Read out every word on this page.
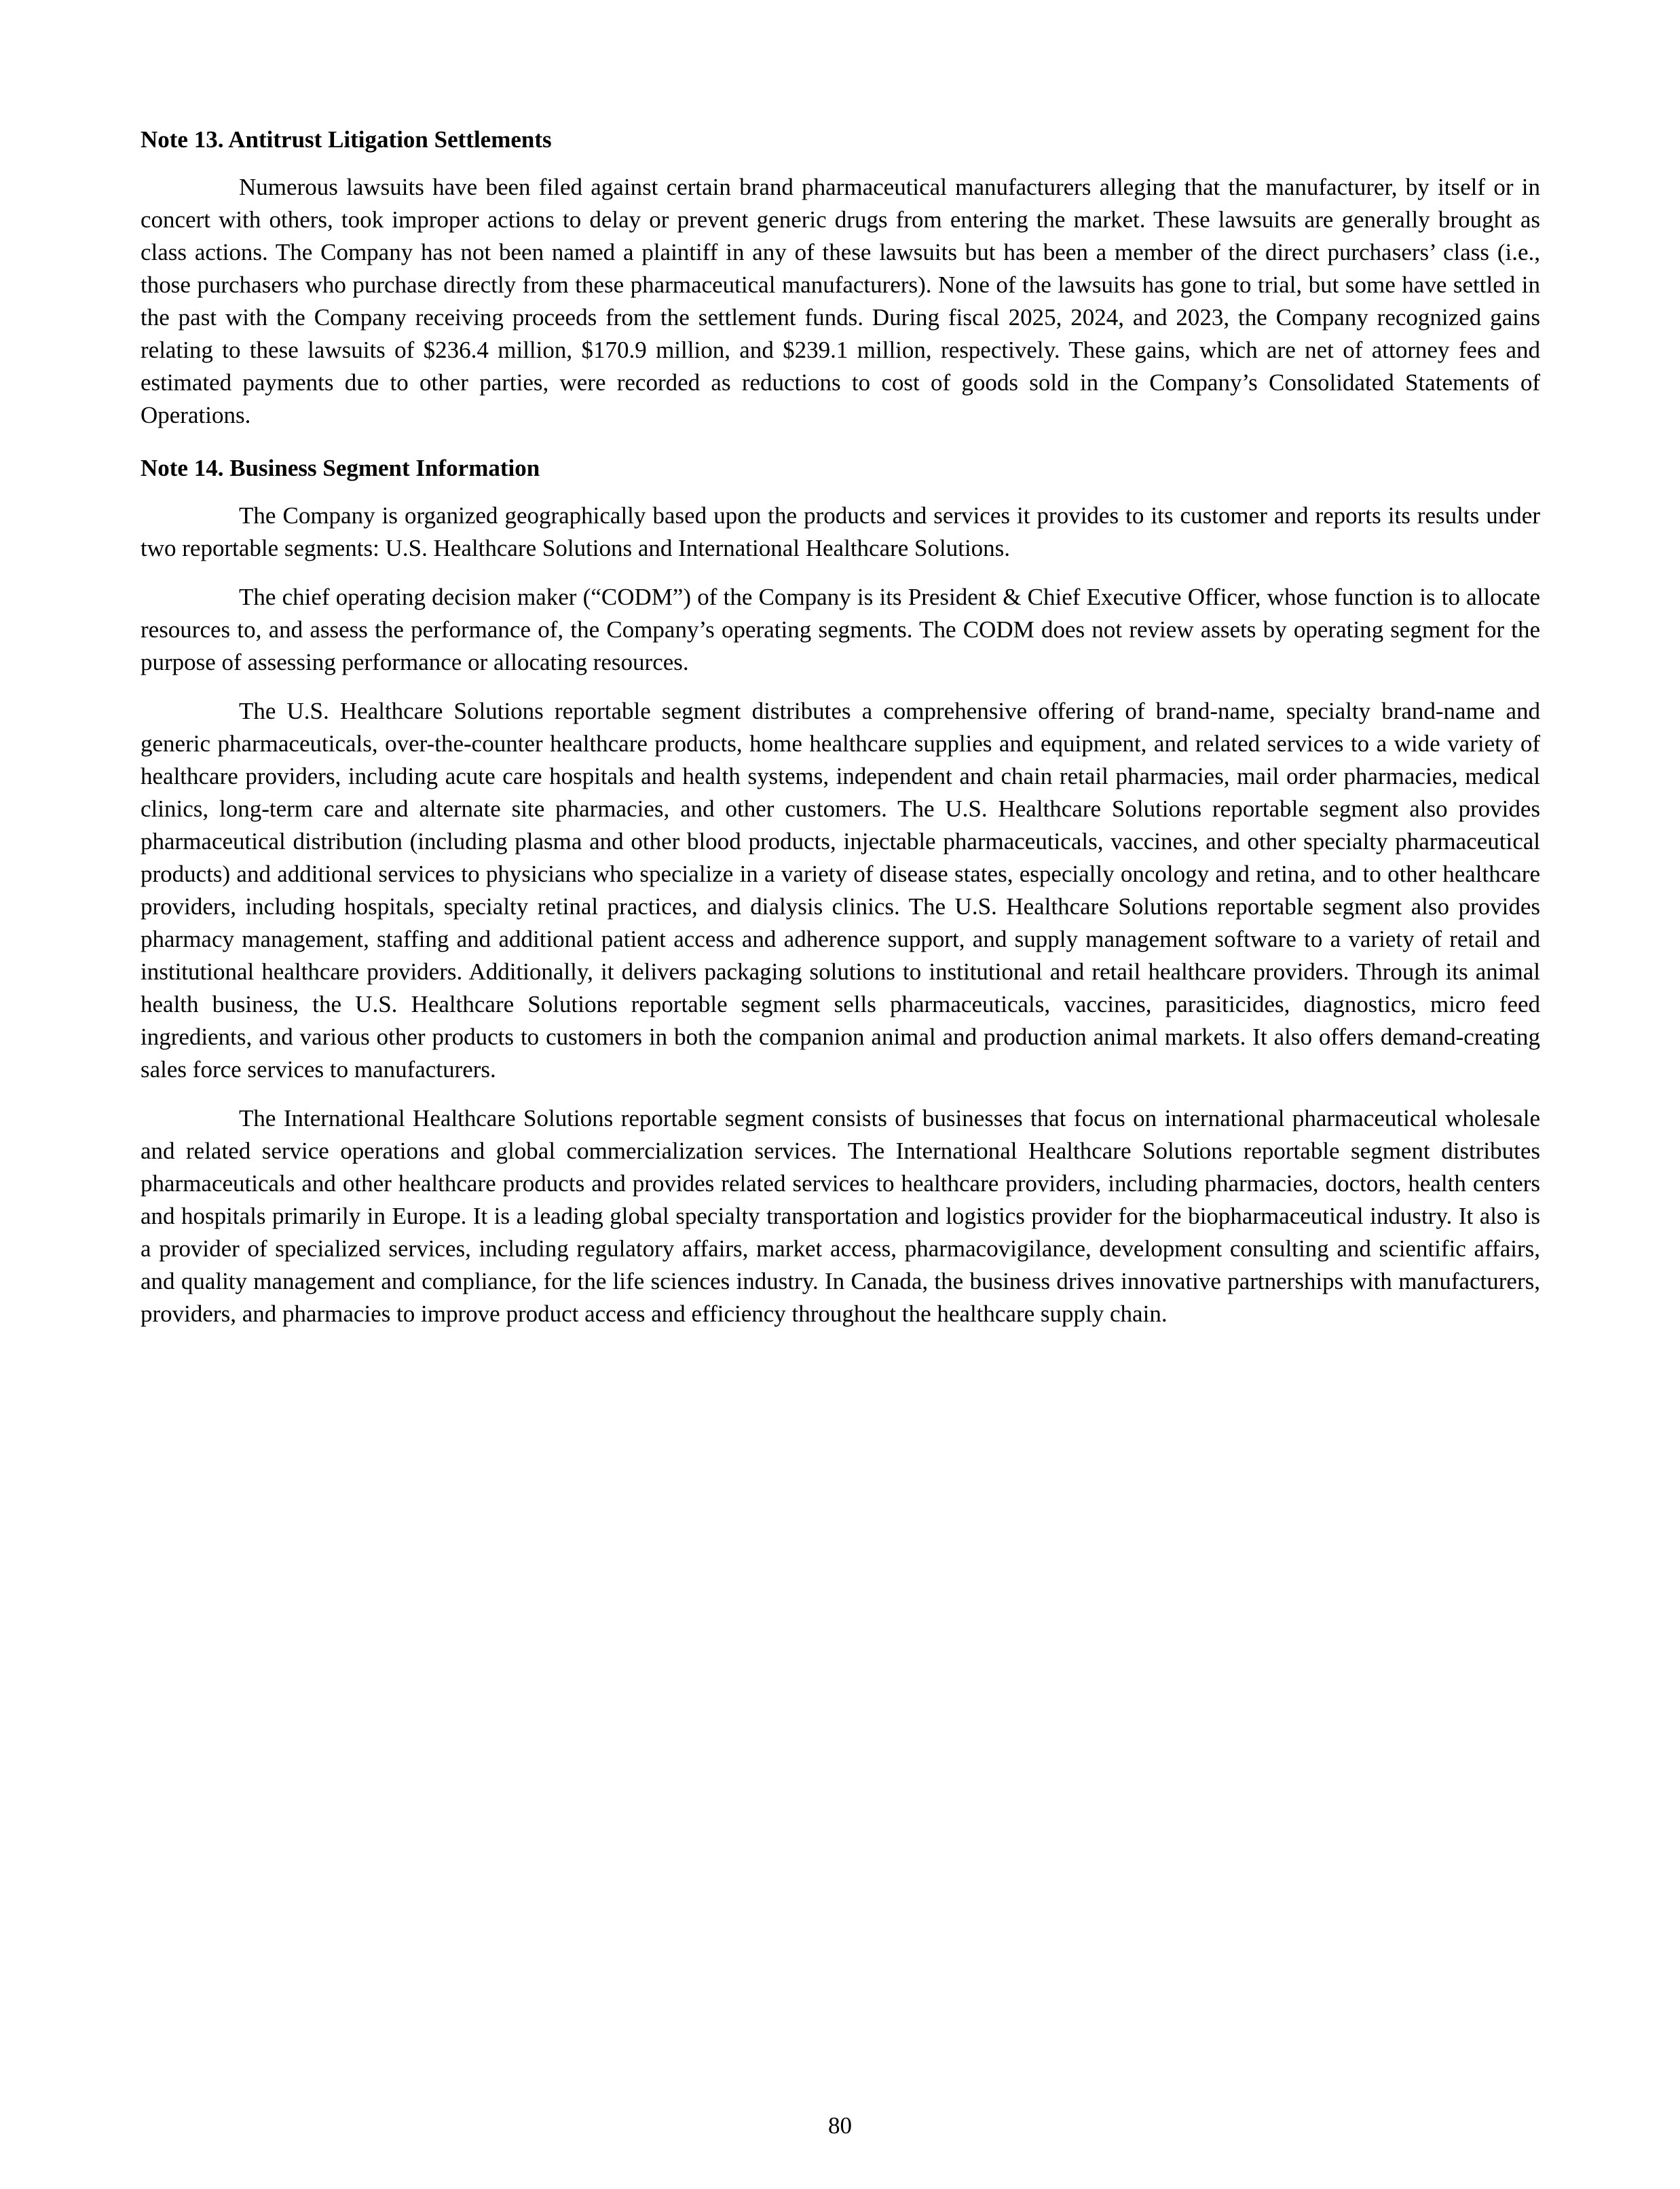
Note 13. Antitrust Litigation Settlements

Numerous lawsuits have been filed against certain brand pharmaceutical manufacturers alleging that the manufacturer, by itself or in concert with others, took improper actions to delay or prevent generic drugs from entering the market. These lawsuits are generally brought as class actions. The Company has not been named a plaintiff in any of these lawsuits but has been a member of the direct purchasers’ class (i.e., those purchasers who purchase directly from these pharmaceutical manufacturers). None of the lawsuits has gone to trial, but some have settled in the past with the Company receiving proceeds from the settlement funds. During fiscal 2025, 2024, and 2023, the Company recognized gains relating to these lawsuits of $236.4 million, $170.9 million, and $239.1 million, respectively. These gains, which are net of attorney fees and estimated payments due to other parties, were recorded as reductions to cost of goods sold in the Company’s Consolidated Statements of Operations.

Note 14. Business Segment Information

The Company is organized geographically based upon the products and services it provides to its customer and reports its results under two reportable segments: U.S. Healthcare Solutions and International Healthcare Solutions.

The chief operating decision maker (“CODM”) of the Company is its President & Chief Executive Officer, whose function is to allocate resources to, and assess the performance of, the Company’s operating segments. The CODM does not review assets by operating segment for the purpose of assessing performance or allocating resources.

The U.S. Healthcare Solutions reportable segment distributes a comprehensive offering of brand-name, specialty brand-name and generic pharmaceuticals, over-the-counter healthcare products, home healthcare supplies and equipment, and related services to a wide variety of healthcare providers, including acute care hospitals and health systems, independent and chain retail pharmacies, mail order pharmacies, medical clinics, long-term care and alternate site pharmacies, and other customers. The U.S. Healthcare Solutions reportable segment also provides pharmaceutical distribution (including plasma and other blood products, injectable pharmaceuticals, vaccines, and other specialty pharmaceutical products) and additional services to physicians who specialize in a variety of disease states, especially oncology and retina, and to other healthcare providers, including hospitals, specialty retinal practices, and dialysis clinics. The U.S. Healthcare Solutions reportable segment also provides pharmacy management, staffing and additional patient access and adherence support, and supply management software to a variety of retail and institutional healthcare providers. Additionally, it delivers packaging solutions to institutional and retail healthcare providers. Through its animal health business, the U.S. Healthcare Solutions reportable segment sells pharmaceuticals, vaccines, parasiticides, diagnostics, micro feed ingredients, and various other products to customers in both the companion animal and production animal markets. It also offers demand-creating sales force services to manufacturers.

The International Healthcare Solutions reportable segment consists of businesses that focus on international pharmaceutical wholesale and related service operations and global commercialization services. The International Healthcare Solutions reportable segment distributes pharmaceuticals and other healthcare products and provides related services to healthcare providers, including pharmacies, doctors, health centers and hospitals primarily in Europe. It is a leading global specialty transportation and logistics provider for the biopharmaceutical industry. It also is a provider of specialized services, including regulatory affairs, market access, pharmacovigilance, development consulting and scientific affairs, and quality management and compliance, for the life sciences industry. In Canada, the business drives innovative partnerships with manufacturers, providers, and pharmacies to improve product access and efficiency throughout the healthcare supply chain.

80
